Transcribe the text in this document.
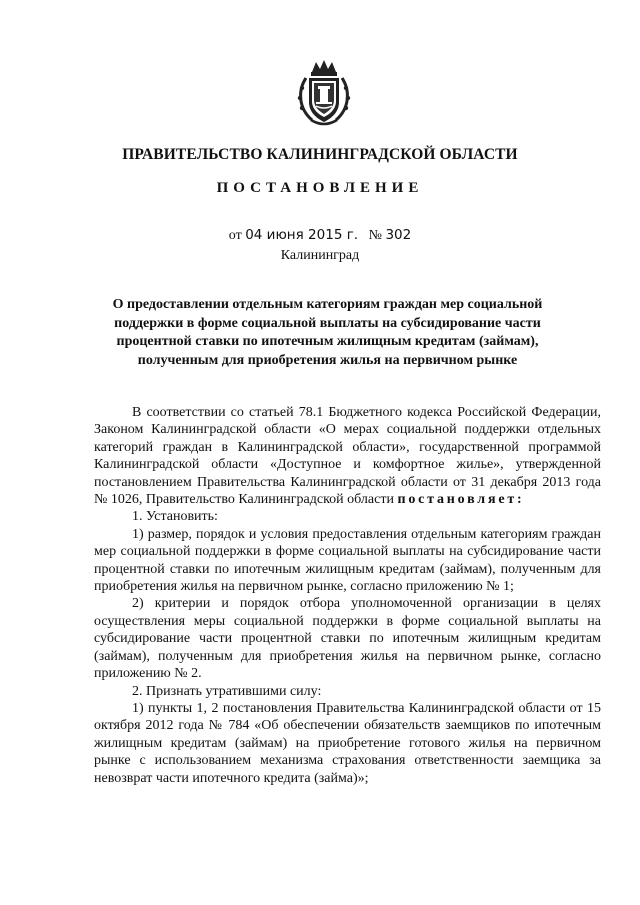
ПРАВИТЕЛЬСТВО КАЛИНИНГРАДСКОЙ ОБЛАСТИ
ПОСТАНОВЛЕНИЕ
от 04 июня 2015 г. № 302
Калининград
О предоставлении отдельным категориям граждан мер социальной
поддержки в форме социальной выплаты на субсидирование части
процентной ставки по ипотечным жилищным кредитам (займам),
полученным для приобретения жилья на первичном рынке

В соответствии со статьей 78.1 Бюджетного кодекса Российской Федерации, Законом Калининградской области «О мерах социальной поддержки отдельных категорий граждан в Калининградской области», государственной программой Калининградской области «Доступное и комфортное жилье», утвержденной постановлением Правительства Калининградской области от 31 декабря 2013 года № 1026, Правительство Калининградской области постановляет:

1. Установить:

1) размер, порядок и условия предоставления отдельным категориям граждан мер социальной поддержки в форме социальной выплаты на субсидирование части процентной ставки по ипотечным жилищным кредитам (займам), полученным для приобретения жилья на первичном рынке, согласно приложению № 1;

2) критерии и порядок отбора уполномоченной организации в целях осуществления меры социальной поддержки в форме социальной выплаты на субсидирование части процентной ставки по ипотечным жилищным кредитам (займам), полученным для приобретения жилья на первичном рынке, согласно приложению № 2.

2. Признать утратившими силу:

1) пункты 1, 2 постановления Правительства Калининградской области от 15 октября 2012 года № 784 «Об обеспечении обязательств заемщиков по ипотечным жилищным кредитам (займам) на приобретение готового жилья на первичном рынке с использованием механизма страхования ответственности заемщика за невозврат части ипотечного кредита (займа)»;
